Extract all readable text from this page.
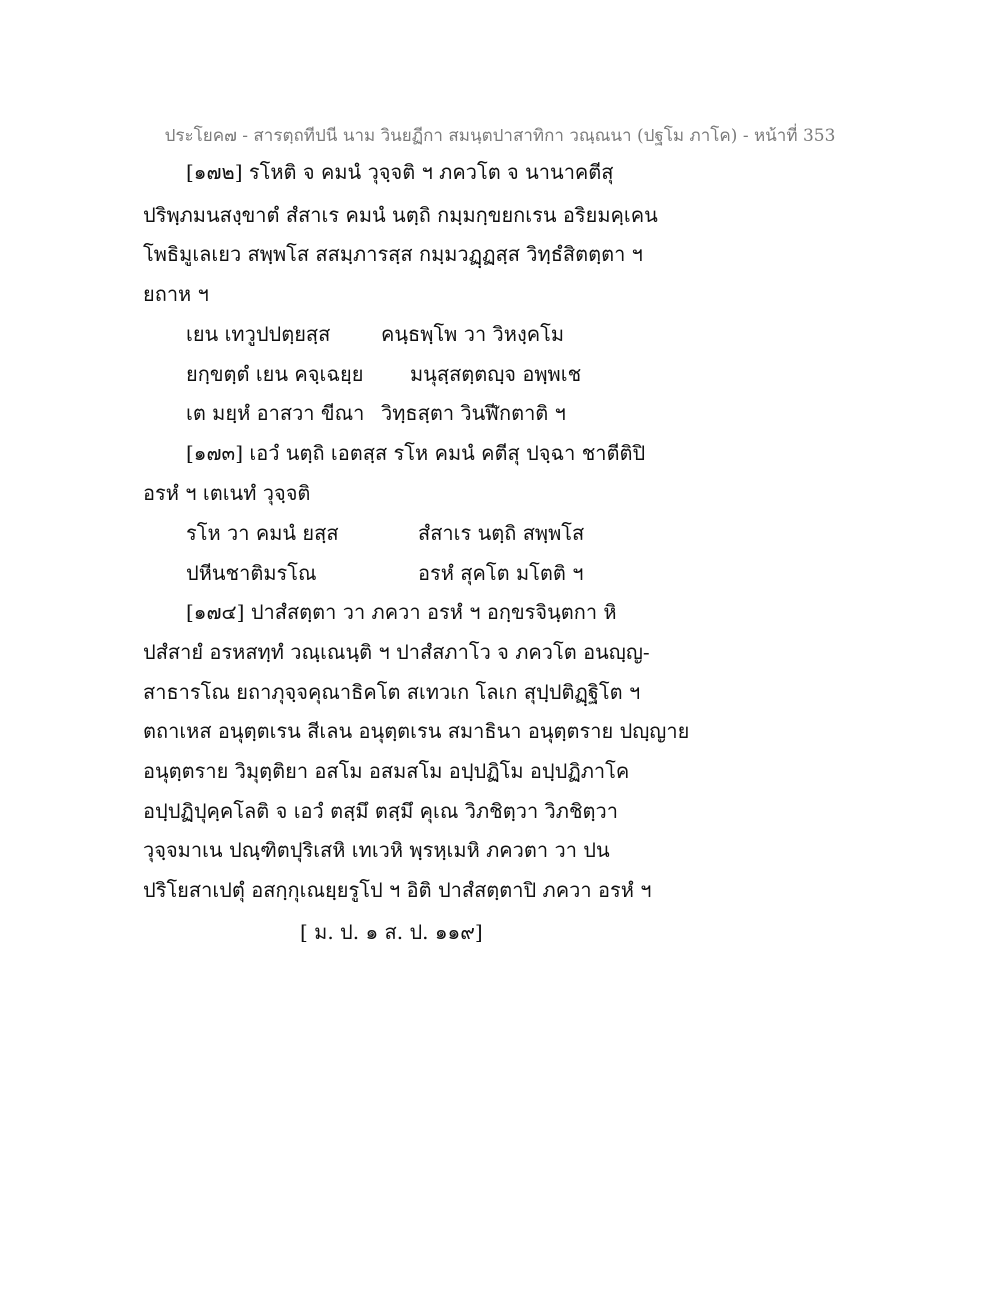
ประโยค๗ - สารตฺถทีปนี นาม วินยฏีกา สมนฺตปาสาทิกา วณฺณนา (ปฐโม ภาโค) - หน้าที่ 353
[๑๗๒] รโหติ จ คมนํ วุจฺจติ ฯ ภควโต จ นานาคตีสุ
ปริพฺภมนสงฺขาตํ สํสาเร คมนํ นตฺถิ กมฺมกฺขยกเรน อริยมคฺเคน
โพธิมูเลเยว สพฺพโส สสมฺภารสฺส กมฺมวฏฺฏสฺส วิทฺธํสิตตฺตา ฯ
ยถาห ฯ
เยน เทวูปปตฺยสฺส	คนฺธพฺโพ วา วิหงฺคโม
ยกฺขตฺตํ เยน คจฺเฉยฺย มนุสฺสตฺตญฺจ อพฺพเช
เต มยฺหํ อาสวา ขีณา วิทฺธสฺตา วินฬีกตาติ ฯ
[๑๗๓] เอวํ นตฺถิ เอตสฺส รโห คมนํ คตีสุ ปจฺฉา ชาตีติปิ
อรหํ ฯ เตเนทํ วุจฺจติ
รโห วา คมนํ ยสฺส	สํสาเร นตฺถิ สพฺพโส
ปหีนชาติมรโณ	อรหํ สุคโต มโตติ ฯ
[๑๗๔] ปาสํสตฺตา วา ภควา อรหํ ฯ อกฺขรจินฺตกา หิ
ปสํสายํ อรหสทฺทํ วณฺเณนฺติ ฯ ปาสํสภาโว จ ภควโต อนญฺญ-
สาธารโณ ยถาภุจฺจคุณาธิคโต สเทวเก โลเก สุปฺปติฏฺฐิโต ฯ
ตถาเหส อนุตฺตเรน สีเลน อนุตฺตเรน สมาธินา อนุตฺตราย ปญฺญาย
อนุตฺตราย วิมุตฺติยา อสโม อสมสโม อปฺปฏิโม อปฺปฏิภาโค
อปฺปฏิปุคฺคโลติ จ เอวํ ตสฺมึ ตสฺมึ คุเณ วิภชิตฺวา วิภชิตฺวา
วุจฺจมาเน ปณฺฑิตปุริเสหิ เทเวหิ พฺรหฺเมหิ ภควตา วา ปน
ปริโยสาเปตุํ อสกฺกุเณยฺยรูโป ฯ อิติ ปาสํสตฺตาปิ ภควา อรหํ ฯ
[ ม. ป. ๑ ส. ป. ๑๑๙]
